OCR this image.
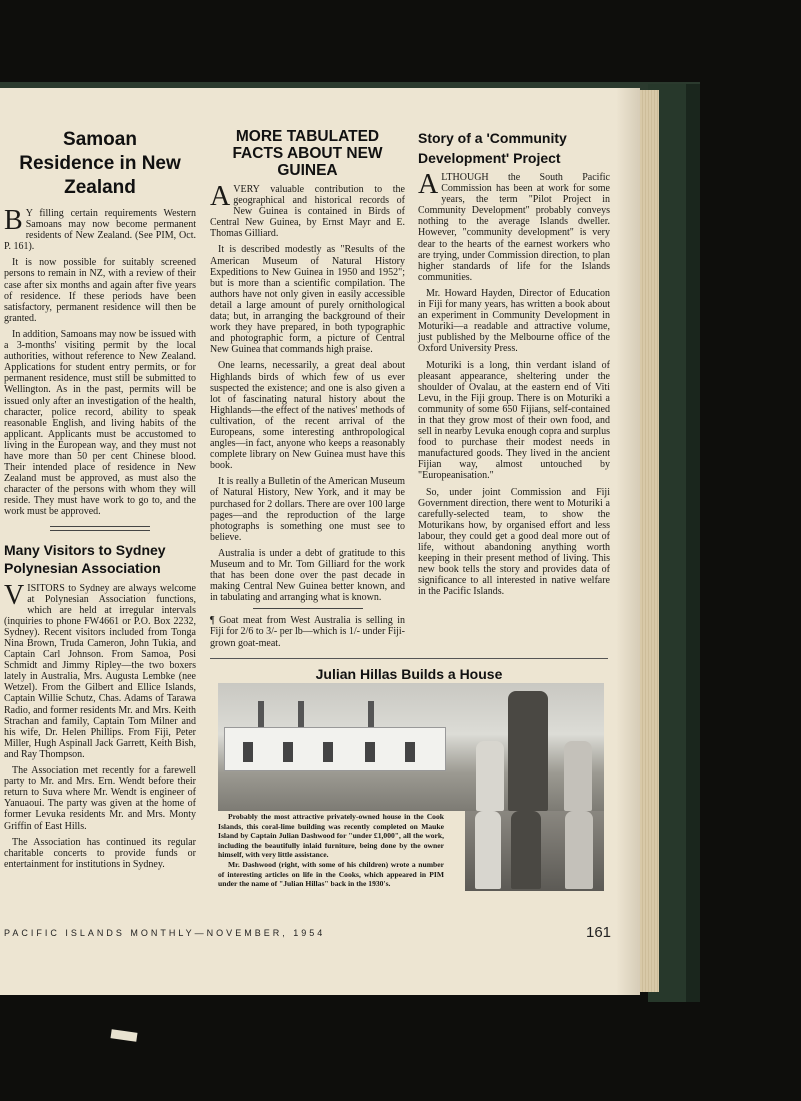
Samoan Residence in New Zealand

B Y filling certain requirements Western Samoans may now become permanent residents of New Zealand. (See PIM, Oct. P. 161).

It is now possible for suitably screened persons to remain in NZ, with a review of their case after six months and again after five years of residence. If these periods have been satisfactory, permanent residence will then be granted.

In addition, Samoans may now be issued with a 3-months' visiting permit by the local authorities, without reference to New Zealand. Applications for student entry permits, or for permanent residence, must still be submitted to Wellington. As in the past, permits will be issued only after an investigation of the health, character, police record, ability to speak reasonable English, and living habits of the applicant. Applicants must be accustomed to living in the European way, and they must not have more than 50 per cent Chinese blood. Their intended place of residence in New Zealand must be approved, as must also the character of the persons with whom they will reside. They must have work to go to, and the work must be approved.

Many Visitors to Sydney Polynesian Association

VISITORS to Sydney are always welcome at Polynesian Association functions, which are held at irregular intervals (inquiries to phone FW4661 or P.O. Box 2232, Sydney). Recent visitors included from Tonga Nina Brown, Truda Cameron, John Tukia, and Captain Carl Johnson. From Samoa, Posi Schmidt and Jimmy Ripley—the two boxers lately in Australia, Mrs. Augusta Lembke (nee Wetzel). From the Gilbert and Ellice Islands, Captain Willie Schutz, Chas. Adams of Tarawa Radio, and former residents Mr. and Mrs. Keith Strachan and family, Captain Tom Milner and his wife, Dr. Helen Phillips. From Fiji, Peter Miller, Hugh Aspinall Jack Garrett, Keith Bish, and Ray Thompson.

The Association met recently for a farewell party to Mr. and Mrs. Ern. Wendt before their return to Suva where Mr. Wendt is engineer of Yanuaoui. The party was given at the home of former Levuka residents Mr. and Mrs. Monty Griffin of East Hills.

The Association has continued its regular charitable concerts to provide funds or entertainment for institutions in Sydney.

MORE TABULATED FACTS ABOUT NEW GUINEA

AVERY valuable contribution to the geographical and historical records of New Guinea is contained in Birds of Central New Guinea, by Ernst Mayr and E. Thomas Gilliard.

It is described modestly as "Results of the American Museum of Natural History Expeditions to New Guinea in 1950 and 1952"; but is more than a scientific compilation. The authors have not only given in easily accessible detail a large amount of purely ornithological data; but, in arranging the background of their work they have prepared, in both typographic and photographic form, a picture of Central New Guinea that commands high praise.

One learns, necessarily, a great deal about Highlands birds of which few of us ever suspected the existence; and one is also given a lot of fascinating natural history about the Highlands—the effect of the natives' methods of cultivation, of the recent arrival of the Europeans, some interesting anthropological angles—in fact, anyone who keeps a reasonably complete library on New Guinea must have this book.

It is really a Bulletin of the American Museum of Natural History, New York, and it may be purchased for 2 dollars. There are over 100 large pages—and the reproduction of the large photographs is something one must see to believe.

Australia is under a debt of gratitude to this Museum and to Mr. Tom Gilliard for the work that has been done over the past decade in making Central New Guinea better known, and in tabulating and arranging what is known.

¶ Goat meat from West Australia is selling in Fiji for 2/6 to 3/- per lb—which is 1/- under Fiji-grown goat-meat.

Story of a 'Community Development' Project

ALTHOUGH the South Pacific Commission has been at work for some years, the term "Pilot Project in Community Development" probably conveys nothing to the average Islands dweller. However, "community development" is very dear to the hearts of the earnest workers who are trying, under Commission direction, to plan higher standards of life for the Islands communities.

Mr. Howard Hayden, Director of Education in Fiji for many years, has written a book about an experiment in Community Development in Moturiki—a readable and attractive volume, just published by the Melbourne office of the Oxford University Press.

Moturiki is a long, thin verdant island of pleasant appearance, sheltering under the shoulder of Ovalau, at the eastern end of Viti Levu, in the Fiji group. There is on Moturiki a community of some 650 Fijians, self-contained in that they grow most of their own food, and sell in nearby Levuka enough copra and surplus food to purchase their modest needs in manufactured goods. They lived in the ancient Fijian way, almost untouched by "Europeanisation."

So, under joint Commission and Fiji Government direction, there went to Moturiki a carefully-selected team, to show the Moturikans how, by organised effort and less labour, they could get a good deal more out of life, without abandoning anything worth keeping in their present method of living. This new book tells the story and provides data of significance to all interested in native welfare in the Pacific Islands.

Julian Hillas Builds a House

Probably the most attractive privately-owned house in the Cook Islands, this coral-lime building was recently completed on Mauke Island by Captain Julian Dashwood for "under £1,000", all the work, including the beautifully inlaid furniture, being done by the owner himself, with very little assistance.

Mr. Dashwood (right, with some of his children) wrote a number of interesting articles on life in the Cooks, which appeared in PIM under the name of "Julian Hillas" back in the 1930's.

PACIFIC ISLANDS MONTHLY—NOVEMBER, 1954	161
